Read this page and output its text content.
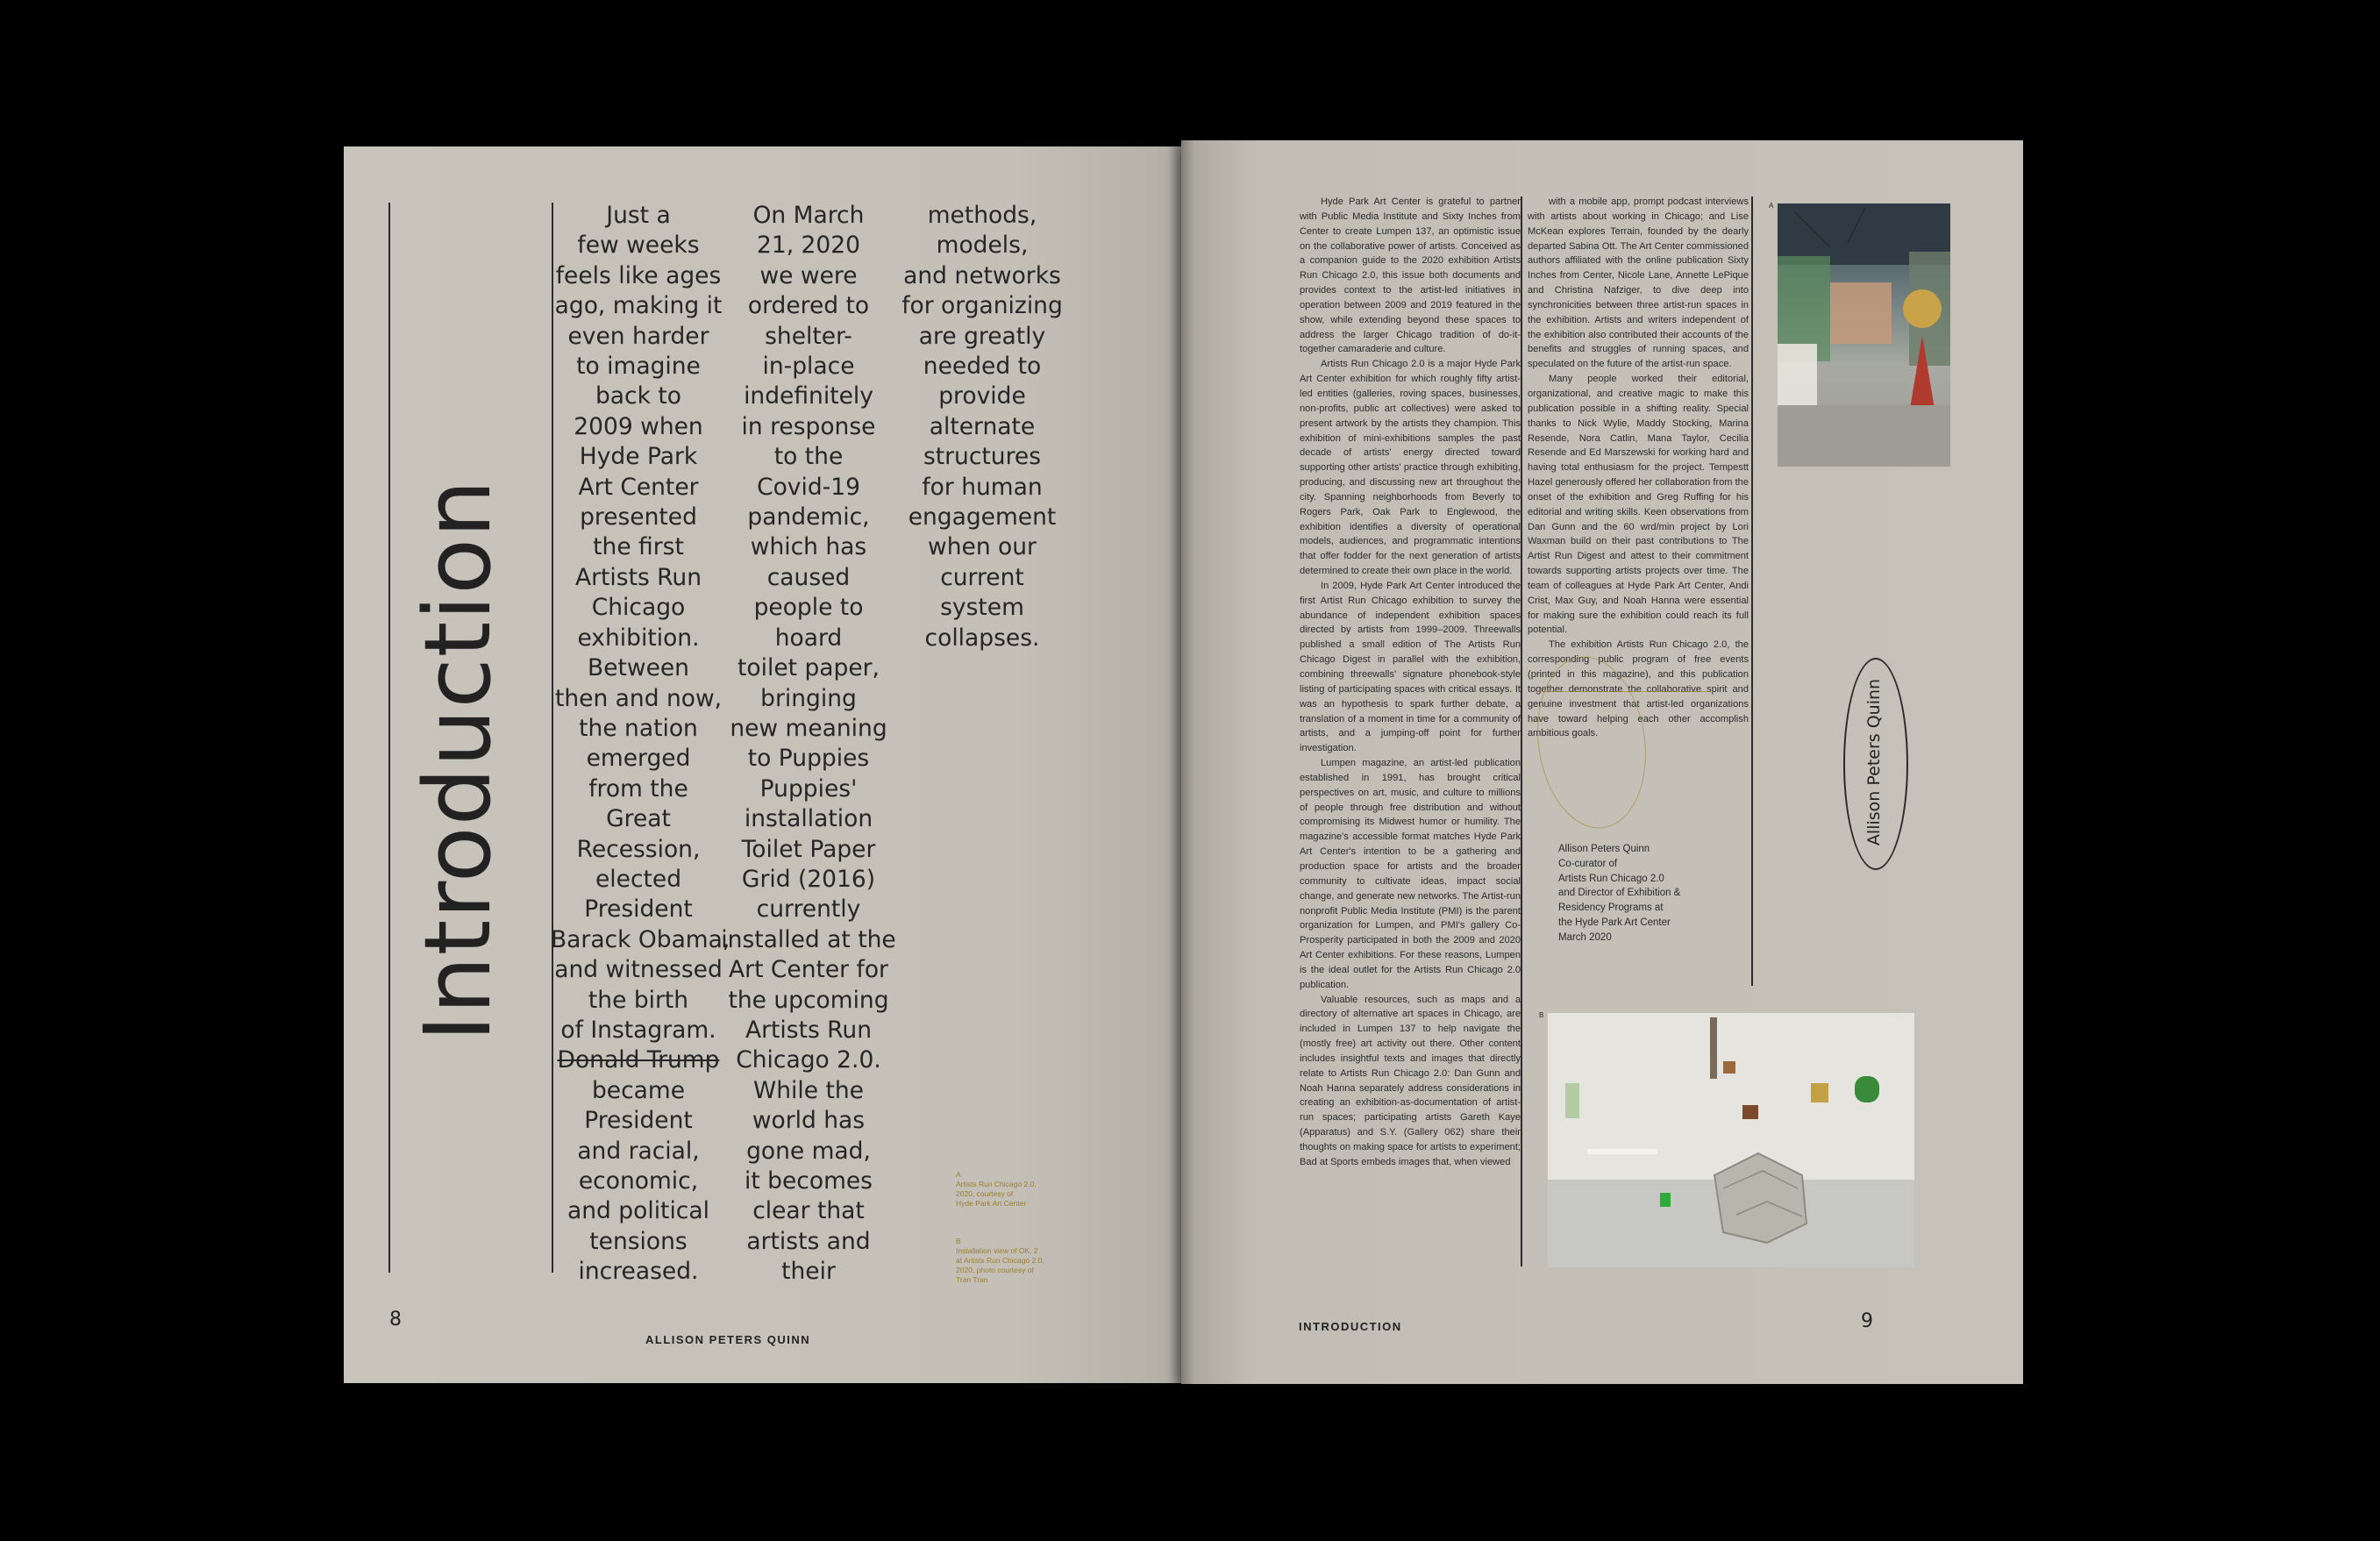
Introduction
Just a
few weeks
feels like ages
ago, making it
even harder
to imagine
back to
2009 when
Hyde Park
Art Center
presented
the first
Artists Run
Chicago
exhibition.
Between
then and now,
the nation
emerged
from the
Great
Recession,
elected
President
Barack Obama,
and witnessed
the birth
of Instagram.
Donald Trump
became
President
and racial,
economic,
and political
tensions
increased.
On March
21, 2020
we were
ordered to
shelter-
in-place
indefinitely
in response
to the
Covid-19
pandemic,
which has
caused
people to
hoard
toilet paper,
bringing
new meaning
to Puppies
Puppies'
installation
Toilet Paper
Grid (2016)
currently
installed at the
Art Center for
the upcoming
Artists Run
Chicago 2.0.
While the
world has
gone mad,
it becomes
clear that
artists and
their
methods,
models,
and networks
for organizing
are greatly
needed to
provide
alternate
structures
for human
engagement
when our
current
system
collapses.
A
Artists Run Chicago 2.0,
2020, courtesy of
Hyde Park Art Center
B
Installation view of OK, 2
at Artists Run Chicago 2.0,
2020, photo courtesy of
Tran Tran
8
ALLISON PETERS QUINN

Hyde Park Art Center is grateful to partner with Public Media Institute and Sixty Inches from Center to create Lumpen 137, an optimistic issue on the collaborative power of artists. Conceived as a companion guide to the 2020 exhibition Artists Run Chicago 2.0, this issue both documents and provides context to the artist-led initiatives in operation between 2009 and 2019 featured in the show, while extending beyond these spaces to address the larger Chicago tradition of do-it-together camaraderie and culture.

Artists Run Chicago 2.0 is a major Hyde Park Art Center exhibition for which roughly fifty artist-led entities (galleries, roving spaces, businesses, non-profits, public art collectives) were asked to present artwork by the artists they champion. This exhibition of mini-exhibitions samples the past decade of artists' energy directed toward supporting other artists' practice through exhibiting, producing, and discussing new art throughout the city. Spanning neighborhoods from Beverly to Rogers Park, Oak Park to Englewood, the exhibition identifies a diversity of operational models, audiences, and programmatic intentions that offer fodder for the next generation of artists determined to create their own place in the world.

In 2009, Hyde Park Art Center introduced the first Artist Run Chicago exhibition to survey the abundance of independent exhibition spaces directed by artists from 1999–2009. Threewalls published a small edition of The Artists Run Chicago Digest in parallel with the exhibition, combining threewalls' signature phonebook-style listing of participating spaces with critical essays. It was an hypothesis to spark further debate, a translation of a moment in time for a community of artists, and a jumping-off point for further investigation.

Lumpen magazine, an artist-led publication established in 1991, has brought critical perspectives on art, music, and culture to millions of people through free distribution and without compromising its Midwest humor or humility. The magazine's accessible format matches Hyde Park Art Center's intention to be a gathering and production space for artists and the broader community to cultivate ideas, impact social change, and generate new networks. The Artist-run nonprofit Public Media Institute (PMI) is the parent organization for Lumpen, and PMI's gallery Co-Prosperity participated in both the 2009 and 2020 Art Center exhibitions. For these reasons, Lumpen is the ideal outlet for the Artists Run Chicago 2.0 publication.

Valuable resources, such as maps and a directory of alternative art spaces in Chicago, are included in Lumpen 137 to help navigate the (mostly free) art activity out there. Other content includes insightful texts and images that directly relate to Artists Run Chicago 2.0: Dan Gunn and Noah Hanna separately address considerations in creating an exhibition-as-documentation of artist-run spaces; participating artists Gareth Kaye (Apparatus) and S.Y. (Gallery 062) share their thoughts on making space for artists to experiment; Bad at Sports embeds images that, when viewed

with a mobile app, prompt podcast interviews with artists about working in Chicago; and Lise McKean explores Terrain, founded by the dearly departed Sabina Ott. The Art Center commissioned authors affiliated with the online publication Sixty Inches from Center, Nicole Lane, Annette LePique and Christina Nafziger, to dive deep into synchronicities between three artist-run spaces in the exhibition. Artists and writers independent of the exhibition also contributed their accounts of the benefits and struggles of running spaces, and speculated on the future of the artist-run space.

Many people worked their editorial, organizational, and creative magic to make this publication possible in a shifting reality. Special thanks to Nick Wylie, Maddy Stocking, Marina Resende, Nora Catlin, Mana Taylor, Cecilia Resende and Ed Marszewski for working hard and having total enthusiasm for the project. Tempestt Hazel generously offered her collaboration from the onset of the exhibition and Greg Ruffing for his editorial and writing skills. Keen observations from Dan Gunn and the 60 wrd/min project by Lori Waxman build on their past contributions to The Artist Run Digest and attest to their commitment towards supporting artists projects over time. The team of colleagues at Hyde Park Art Center, Andi Crist, Max Guy, and Noah Hanna were essential for making sure the exhibition could reach its full potential.

The exhibition Artists Run Chicago 2.0, the corresponding public program of free events (printed in this magazine), and this publication together demonstrate the collaborative spirit and genuine investment that artist-led organizations have toward helping each other accomplish ambitious goals.

Allison Peters Quinn
Co-curator of
Artists Run Chicago 2.0
and Director of Exhibition &
Residency Programs at
the Hyde Park Art Center
March 2020
A
Allison Peters Quinn
B
INTRODUCTION	9
